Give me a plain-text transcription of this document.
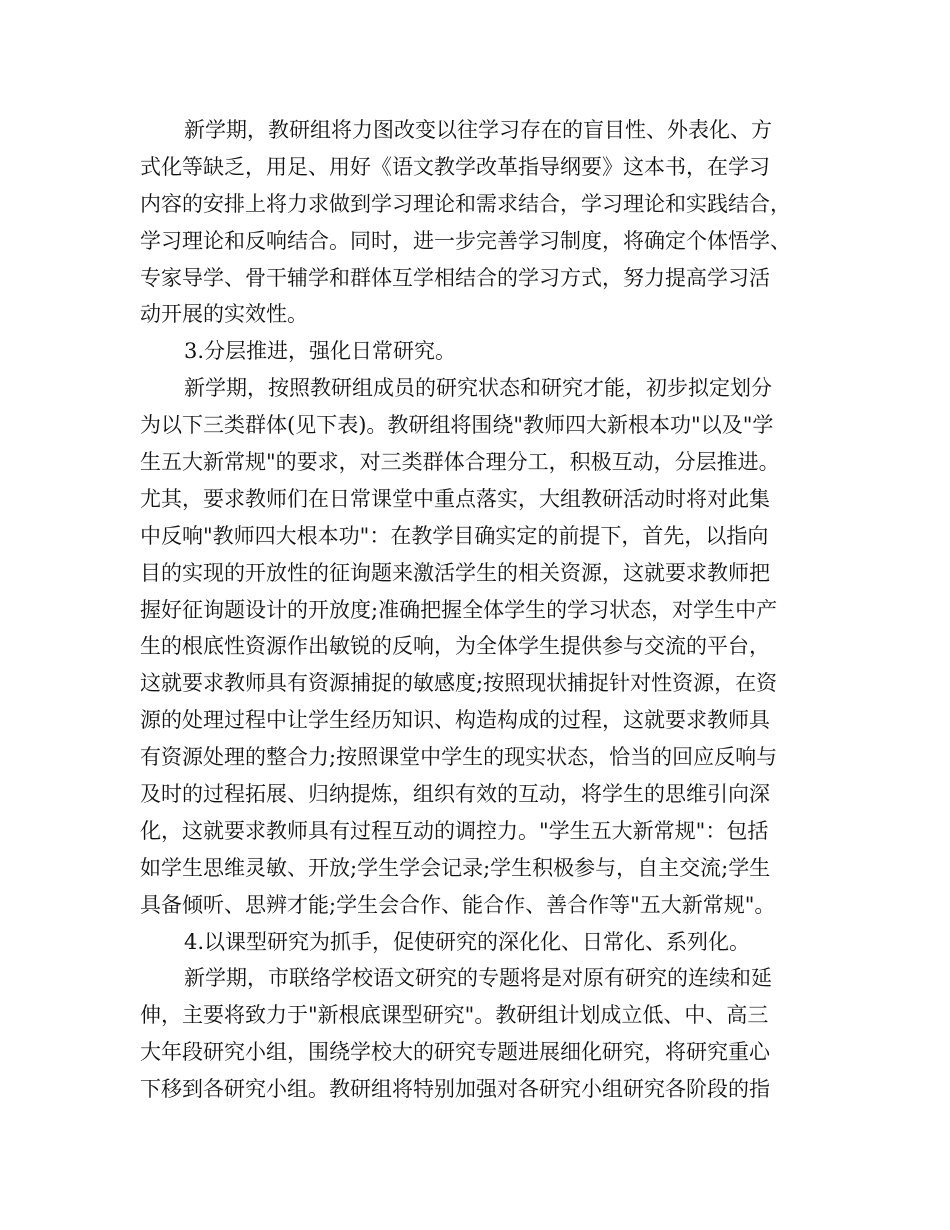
新学期，教研组将力图改变以往学习存在的盲目性、外表化、方
式化等缺乏，用足、用好《语文教学改革指导纲要》这本书，在学习
内容的安排上将力求做到学习理论和需求结合，学习理论和实践结合，
学习理论和反响结合。同时，进一步完善学习制度，将确定个体悟学、
专家导学、骨干辅学和群体互学相结合的学习方式，努力提高学习活
动开展的实效性。
3.分层推进，强化日常研究。
新学期，按照教研组成员的研究状态和研究才能，初步拟定划分
为以下三类群体(见下表)。教研组将围绕"教师四大新根本功"以及"学
生五大新常规"的要求，对三类群体合理分工，积极互动，分层推进。
尤其，要求教师们在日常课堂中重点落实，大组教研活动时将对此集
中反响"教师四大根本功"：在教学目确实定的前提下，首先，以指向
目的实现的开放性的征询题来激活学生的相关资源，这就要求教师把
握好征询题设计的开放度;准确把握全体学生的学习状态，对学生中产
生的根底性资源作出敏锐的反响，为全体学生提供参与交流的平台，
这就要求教师具有资源捕捉的敏感度;按照现状捕捉针对性资源，在资
源的处理过程中让学生经历知识、构造构成的过程，这就要求教师具
有资源处理的整合力;按照课堂中学生的现实状态，恰当的回应反响与
及时的过程拓展、归纳提炼，组织有效的互动，将学生的思维引向深
化，这就要求教师具有过程互动的调控力。"学生五大新常规"：包括
如学生思维灵敏、开放;学生学会记录;学生积极参与，自主交流;学生
具备倾听、思辨才能;学生会合作、能合作、善合作等"五大新常规"。
4.以课型研究为抓手，促使研究的深化化、日常化、系列化。
新学期，市联络学校语文研究的专题将是对原有研究的连续和延
伸，主要将致力于"新根底课型研究"。教研组计划成立低、中、高三
大年段研究小组，围绕学校大的研究专题进展细化研究，将研究重心
下移到各研究小组。教研组将特别加强对各研究小组研究各阶段的指
